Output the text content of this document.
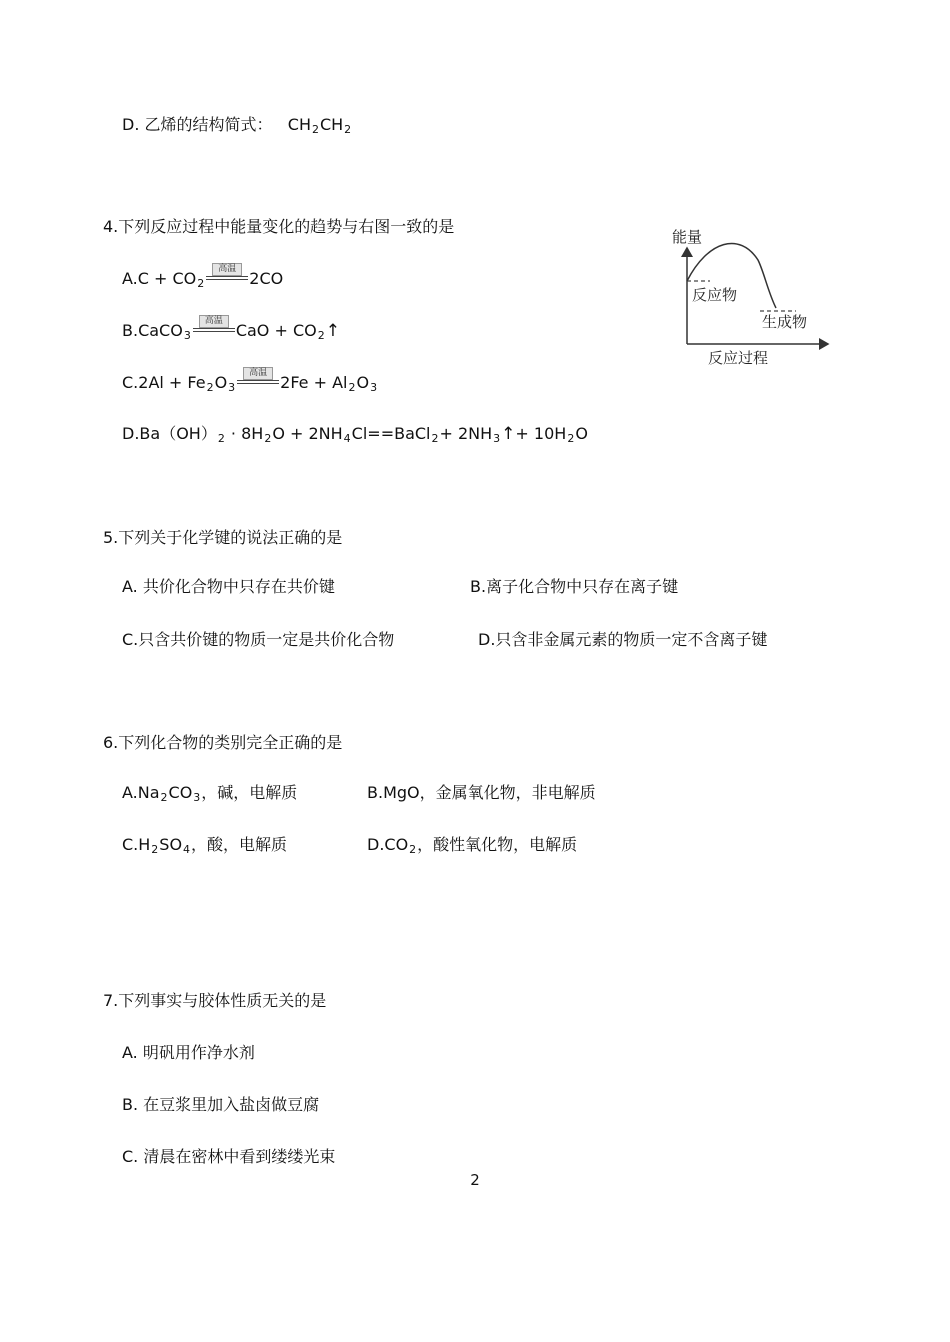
D. 乙烯的结构简式： $CH_2CH_2$
4.下列反应过程中能量变化的趋势与右图一致的是
$A.C + CO_2$
高温 2CO
B.CaCO$_3$
高温 CaO + $CO_2↑$
$C.2Al + Fe_2O_3$
高温 $2Fe + Al_2O_3$
$D.Ba(OH)_2 \cdot 8H_2O$ + $2NH_4Cl==BaCl_2+$ $2NH_3↑+ 10H_2O$
能量
反应物
生成物
反应过程
5.下列关于化学键的说法正确的是
A. 共价化合物中只存在共价键	B.离子化合物中只存在离子键
C.只含共价键的物质一定是共价化合物	D.只含非金属元素的物质一定不含离子键
6.下列化合物的类别完全正确的是
$A.Na_2CO_3$，碱，电解质	B.MgO，金属氧化物，非电解质
$C.H_2SO_4$，酸，电解质	$D.CO_2$，酸性氧化物，电解质
7.下列事实与胶体性质无关的是
A. 明矾用作净水剂
B. 在豆浆里加入盐卤做豆腐
C. 清晨在密林中看到缕缕光束
2
